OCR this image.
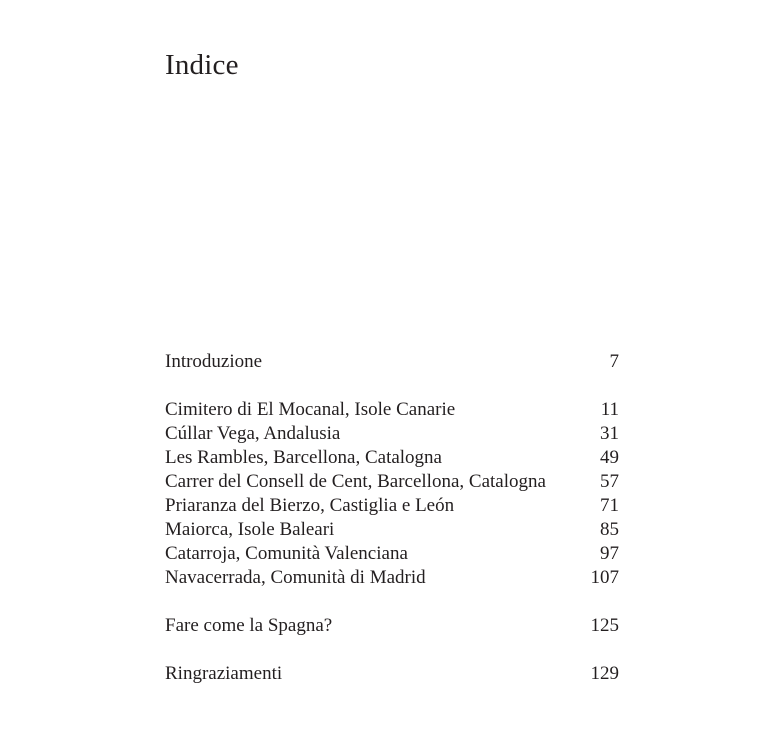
Indice
Introduzione	7
Cimitero di El Mocanal, Isole Canarie	11
Cúllar Vega, Andalusia	31
Les Rambles, Barcellona, Catalogna	49
Carrer del Consell de Cent, Barcellona, Catalogna	57
Priaranza del Bierzo, Castiglia e León	71
Maiorca, Isole Baleari	85
Catarroja, Comunità Valenciana	97
Navacerrada, Comunità di Madrid	107
Fare come la Spagna?	125
Ringraziamenti	129
